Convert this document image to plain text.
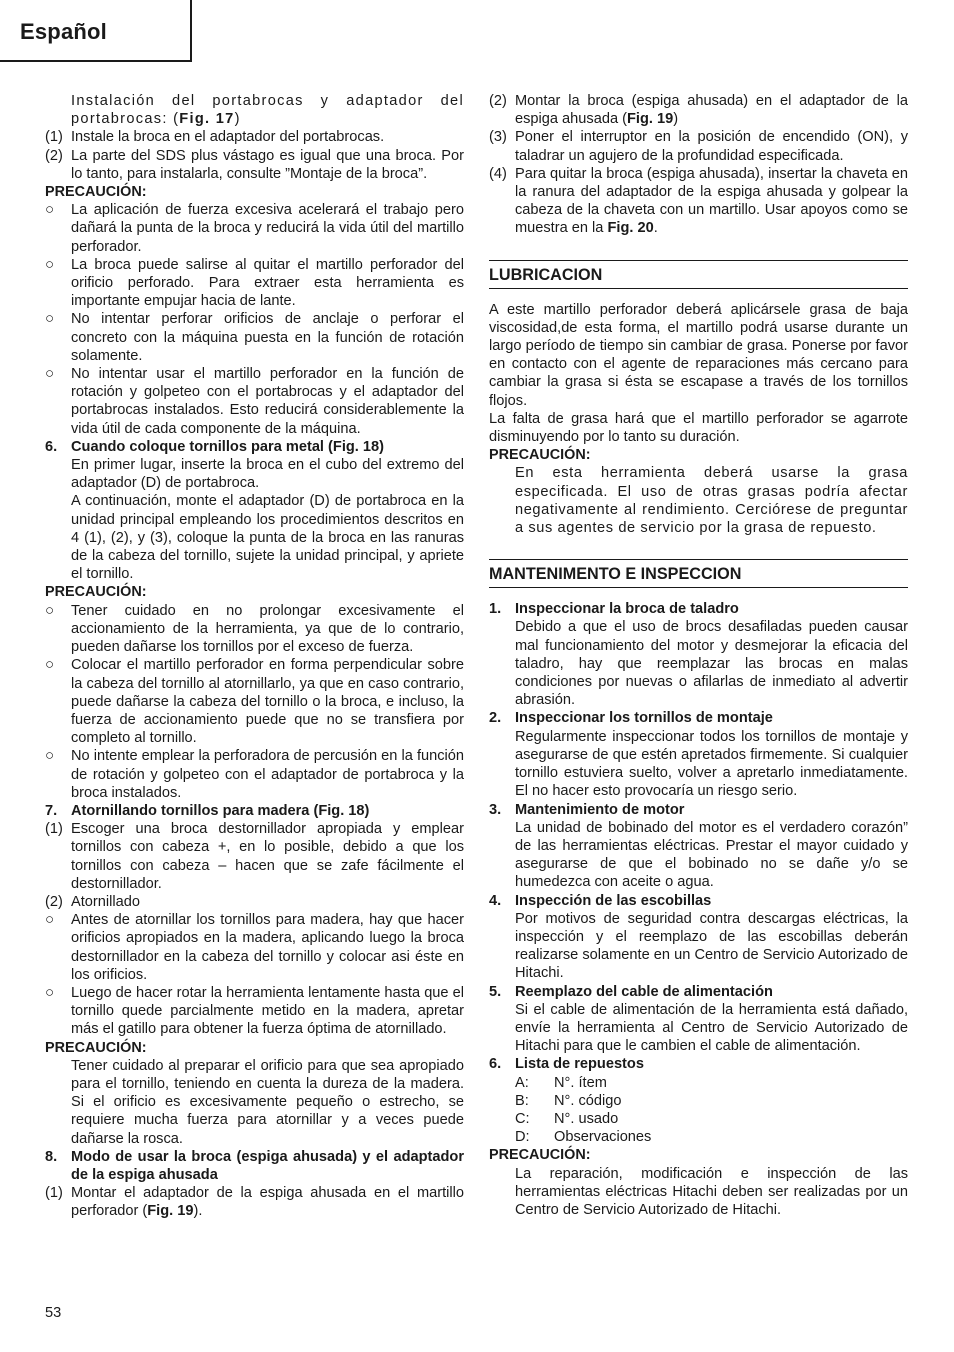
Español

Instalación del portabrocas y adaptador del portabrocas: (Fig. 17)

(1) Instale la broca en el adaptador del portabrocas.
(2) La parte del SDS plus vástago es igual que una broca. Por lo tanto, para instalarla, consulte ”Montaje de la broca”.

PRECAUCIÓN:

○	La aplicación de fuerza excesiva acelerará el trabajo pero dañará la punta de la broca y reducirá la vida útil del martillo perforador.
○	La broca puede salirse al quitar el martillo perforador del orificio perforado. Para extraer esta herramienta es importante empujar hacia de lante.
○	No intentar perforar orificios de anclaje o perforar el concreto con la máquina puesta en la función de rotación solamente.
○	No intentar usar el martillo perforador en la función de rotación y golpeteo con el portabrocas y el adaptador del portabrocas instalados. Esto reducirá considerablemente la vida útil de cada componente de la máquina.
6. Cuando coloque tornillos para metal (Fig. 18)

En primer lugar, inserte la broca en el cubo del extremo del adaptador (D) de portabroca.

A continuación, monte el adaptador (D) de portabroca en la unidad principal empleando los procedimientos descritos en 4 (1), (2), y (3), coloque la punta de la broca en las ranuras de la cabeza del tornillo, sujete la unidad principal, y apriete el tornillo.

PRECAUCIÓN:

○	Tener cuidado en no prolongar excesivamente el accionamiento de la herramienta, ya que de lo contrario, pueden dañarse los tornillos por el exceso de fuerza.
○	Colocar el martillo perforador en forma perpendicular sobre la cabeza del tornillo al atornillarlo, ya que en caso contrario, puede dañarse la cabeza del tornillo o la broca, e incluso, la fuerza de accionamiento puede que no se transfiera por completo al tornillo.
○	No intente emplear la perforadora de percusión en la función de rotación y golpeteo con el adaptador de portabroca y la broca instalados.
7. Atornillando tornillos para madera (Fig. 18)
(1) Escoger una broca destornillador apropiada y emplear tornillos con cabeza +, en lo posible, debido a que los tornillos con cabeza – hacen que se zafe fácilmente el destornillador.
(2) Atornillado
○	Antes de atornillar los tornillos para madera, hay que hacer orificios apropiados en la madera, aplicando luego la broca destornillador en la cabeza del tornillo y colocar asi éste en los orificios.
○	Luego de hacer rotar la herramienta lentamente hasta que el tornillo quede parcialmente metido en la madera, apretar más el gatillo para obtener la fuerza óptima de atornillado.

PRECAUCIÓN:

Tener cuidado al preparar el orificio para que sea apropiado para el tornillo, teniendo en cuenta la dureza de la madera. Si el orificio es excesivamente pequeño o estrecho, se requiere mucha fuerza para atornillar y a veces puede dañarse la rosca.

8. Modo de usar la broca (espiga ahusada) y el adaptador de la espiga ahusada
(1) Montar el adaptador de la espiga ahusada en el martillo perforador (Fig. 19).
(2) Montar la broca (espiga ahusada) en el adaptador de la espiga ahusada (Fig. 19)
(3) Poner el interruptor en la posición de encendido (ON), y taladrar un agujero de la profundidad especificada.
(4) Para quitar la broca (espiga ahusada), insertar la chaveta en la ranura del adaptador de la espiga ahusada y golpear la cabeza de la chaveta con un martillo. Usar apoyos como se muestra en la Fig. 20.
LUBRICACION

A este martillo perforador deberá aplicársele grasa de baja viscosidad,de esta forma, el martillo podrá usarse durante un largo período de tiempo sin cambiar de grasa. Ponerse por favor en contacto con el agente de reparaciones más cercano para cambiar la grasa si ésta se escapase a través de los tornillos flojos.

La falta de grasa hará que el martillo perforador se agarrote disminuyendo por lo tanto su duración.

PRECAUCIÓN:

En esta herramienta deberá usarse la grasa especificada. El uso de otras grasas podría afectar negativamente al rendimiento. Cerciórese de preguntar a sus agentes de servicio por la grasa de repuesto.

MANTENIMENTO E INSPECCION
1. Inspeccionar la broca de taladro

Debido a que el uso de brocs desafiladas pueden causar mal funcionamiento del motor y desmejorar la eficacia del taladro, hay que reemplazar las brocas en malas condiciones por nuevas o afilarlas de inmediato al advertir abrasión.

2. Inspeccionar los tornillos de montaje

Regularmente inspeccionar todos los tornillos de montaje y asegurarse de que estén apretados firmemente. Si cualquier tornillo estuviera suelto, volver a apretarlo inmediatamente. El no hacer esto provocaría un riesgo serio.

3. Mantenimiento de motor

La unidad de bobinado del motor es el verdadero corazón” de las herramientas eléctricas. Prestar el mayor cuidado y asegurarse de que el bobinado no se dañe y/o se humedezca con aceite o agua.

4. Inspección de las escobillas

Por motivos de seguridad contra descargas eléctricas, la inspección y el reemplazo de las escobillas deberán realizarse solamente en un Centro de Servicio Autorizado de Hitachi.

5. Reemplazo del cable de alimentación

Si el cable de alimentación de la herramienta está dañado, envíe la herramienta al Centro de Servicio Autorizado de Hitachi para que le cambien el cable de alimentación.

6. Lista de repuestos
A:	N°. ítem
B:	N°. código
C:	N°. usado
D:	Observaciones

PRECAUCIÓN:

La reparación, modificación e inspección de las herramientas eléctricas Hitachi deben ser realizadas por un Centro de Servicio Autorizado de Hitachi.

53
